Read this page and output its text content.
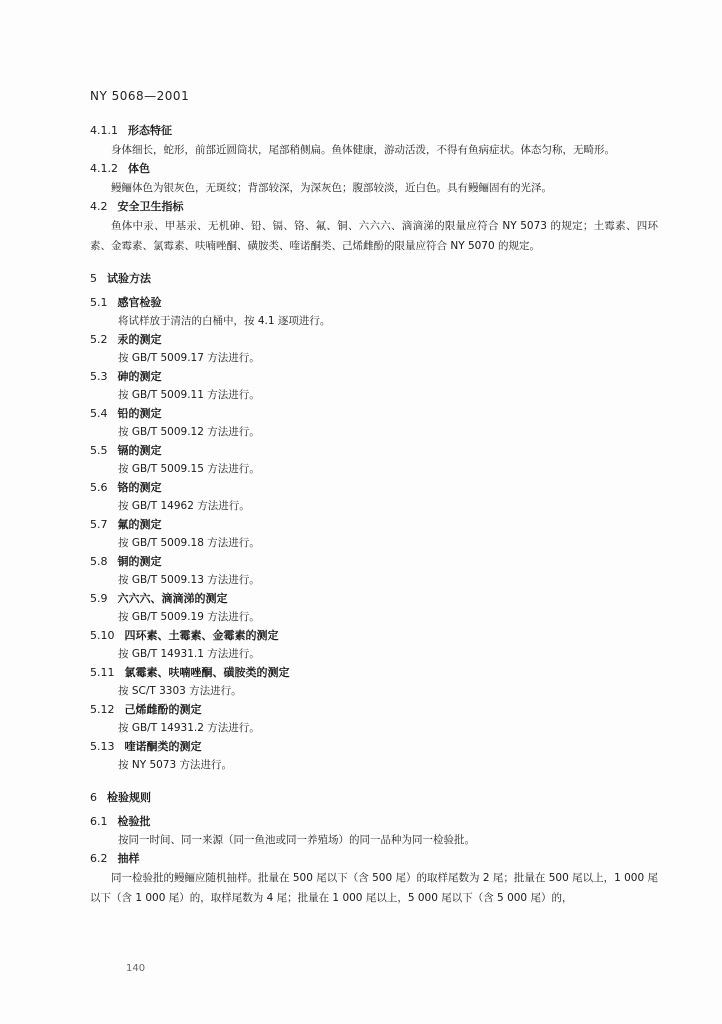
NY 5068—2001
4.1.1 形态特征

身体细长，蛇形，前部近圆筒状，尾部稍侧扁。鱼体健康，游动活泼，不得有鱼病症状。体态匀称，无畸形。

4.1.2 体色

鳗鲡体色为银灰色，无斑纹；背部较深，为深灰色；腹部较淡，近白色。具有鳗鲡固有的光泽。

4.2 安全卫生指标

鱼体中汞、甲基汞、无机砷、铅、镉、铬、氟、铜、六六六、滴滴涕的限量应符合 NY 5073 的规定；土霉素、四环素、金霉素、氯霉素、呋喃唑酮、磺胺类、喹诺酮类、己烯雌酚的限量应符合 NY 5070 的规定。

5 试验方法
5.1 感官检验
将试样放于清洁的白桶中，按 4.1 逐项进行。
5.2 汞的测定
按 GB/T 5009.17 方法进行。
5.3 砷的测定
按 GB/T 5009.11 方法进行。
5.4 铅的测定
按 GB/T 5009.12 方法进行。
5.5 镉的测定
按 GB/T 5009.15 方法进行。
5.6 铬的测定
按 GB/T 14962 方法进行。
5.7 氟的测定
按 GB/T 5009.18 方法进行。
5.8 铜的测定
按 GB/T 5009.13 方法进行。
5.9 六六六、滴滴涕的测定
按 GB/T 5009.19 方法进行。
5.10 四环素、土霉素、金霉素的测定
按 GB/T 14931.1 方法进行。
5.11 氯霉素、呋喃唑酮、磺胺类的测定
按 SC/T 3303 方法进行。
5.12 己烯雌酚的测定
按 GB/T 14931.2 方法进行。
5.13 喹诺酮类的测定
按 NY 5073 方法进行。
6 检验规则
6.1 检验批
按同一时间、同一来源（同一鱼池或同一养殖场）的同一品种为同一检验批。
6.2 抽样

同一检验批的鳗鲡应随机抽样。批量在 500 尾以下（含 500 尾）的取样尾数为 2 尾；批量在 500 尾以上，1 000 尾以下（含 1 000 尾）的，取样尾数为 4 尾；批量在 1 000 尾以上，5 000 尾以下（含 5 000 尾）的，

140
